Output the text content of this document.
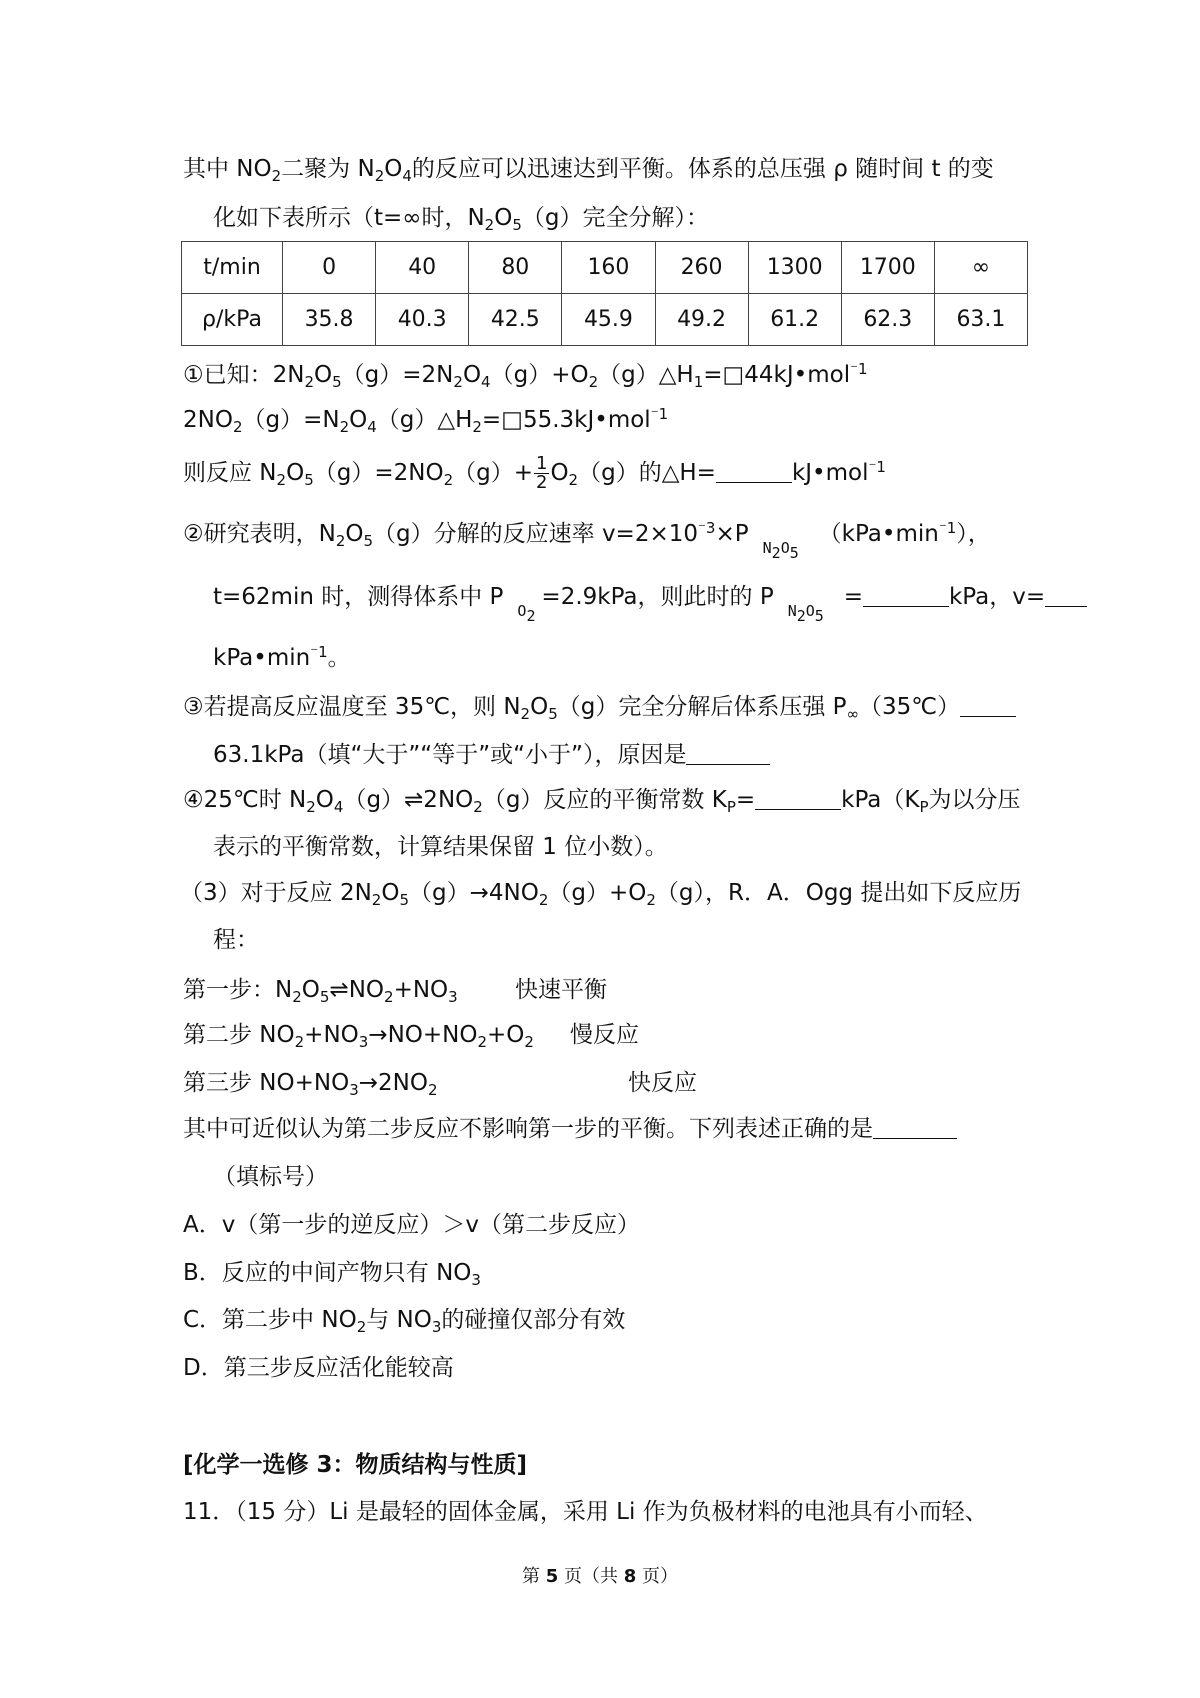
其中 $NO_2$二聚为 $N_2O_4$的反应可以迅速达到平衡。体系的总压强 ρ 随时间 t 的变
化如下表所示（t=∞时，$N_2O_5(g)$完全分解）：
t/min	0	40	80	160	260	1300	1700	∞
ρ/kPa	35.8	40.3	42.5	45.9	49.2	61.2	62.3	63.1
①已知：$2N_2O_5(g)=2N_2O_4(g)+O_2(g)\triangle H_1=□44kJ•mol^{^-1}$
$2NO_2(g)=N_2O_4(g)\triangle H_2=□55.3kJ•mol^{^-1}$
则反应 $N_2O_5(g)=2NO_2(g)+ \frac{1}{2} O_2(g)$的△H=	kJ•mol$^{^-1}$
②研究表明，$N_2O_5(g)$分解的反应速率 $v=2\times 10^{^-3}\times P$
$N_2O_5$
$(kPa•\min^{^-1})$，
t=62min 时，测得体系中 P
$O_2$
=2.9kPa，则此时的 P
$N_2O_5$
=	kPa，v=
$kPa•\min^{^-1}$。
③若提高反应温度至 35℃，则 $N_2O_5(g)$完全分解后体系压强 $P_\infty(35℃)$
63.1kPa（填“大于”“等于”或“小于”），原因是
④25℃时 $N_2O_4(g)\rightleftharpoons 2NO_2(g)$反应的平衡常数 $K_P=$	$kPa(K_P$为以分压
表示的平衡常数，计算结果保留 1 位小数）。
（3）对于反应 $2N_2O_5(g)\to 4NO_2(g)+O_2(g)$，R．A．Ogg 提出如下反应历
程：
第一步：$N_2O_5\rightleftharpoons NO_2+NO_3$ 快速平衡
第二步 $NO_2+NO_3\to NO+NO_2+O_2$ 慢反应
第三步 $NO+NO_3\to 2NO_2$	快反应
其中可近似认为第二步反应不影响第一步的平衡。下列表述正确的是
（填标号）
A．v（第一步的逆反应）＞v（第二步反应）
B．反应的中间产物只有 $NO_3$
C．第二步中 $NO_2$与 $NO_3$的碰撞仅部分有效
D．第三步反应活化能较高
[化学一选修 3：物质结构与性质]
11．（15 分）Li 是最轻的固体金属，采用 Li 作为负极材料的电池具有小而轻、
第 5 页（共 8 页）
